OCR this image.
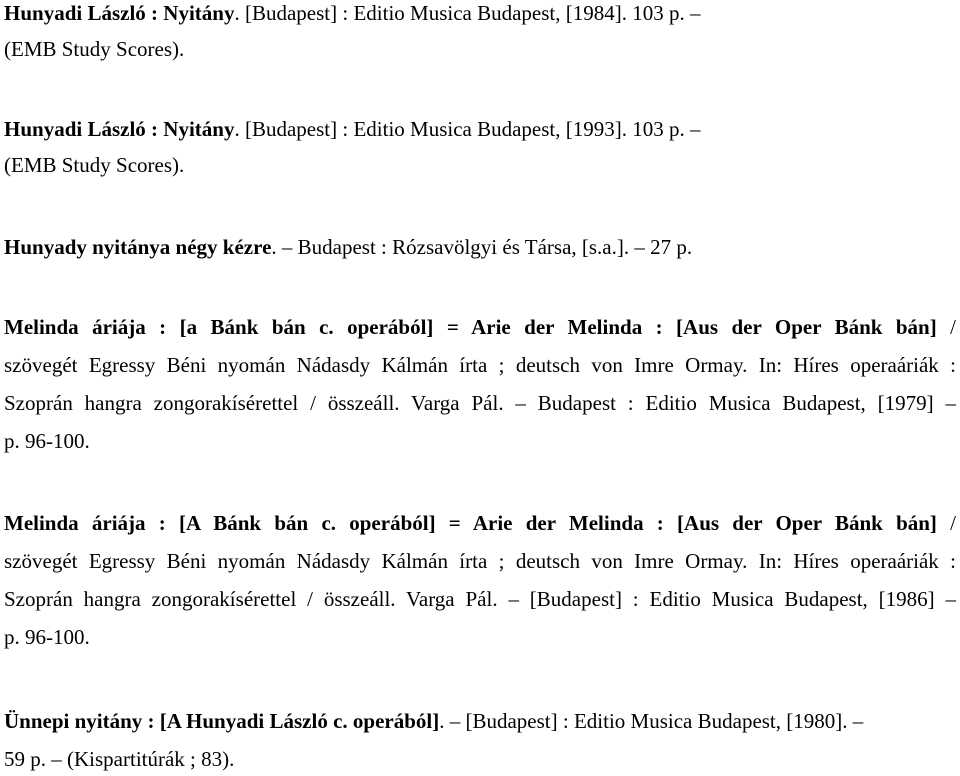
Hunyadi László : Nyitány. [Budapest] : Editio Musica Budapest, [1984]. 103 p. –
(EMB Study Scores).
Hunyadi László : Nyitány. [Budapest] : Editio Musica Budapest, [1993]. 103 p. –
(EMB Study Scores).
Hunyady nyitánya négy kézre. – Budapest : Rózsavölgyi és Társa, [s.a.]. – 27 p.
Melinda áriája : [a Bánk bán c. operából] = Arie der Melinda : [Aus der Oper Bánk bán] /
szövegét Egressy Béni nyomán Nádasdy Kálmán írta ; deutsch von Imre Ormay. In: Híres operaáriák :
Szoprán hangra zongorakísérettel / összeáll. Varga Pál. – Budapest : Editio Musica Budapest, [1979] –
p. 96-100.
Melinda áriája : [A Bánk bán c. operából] = Arie der Melinda : [Aus der Oper Bánk bán] /
szövegét Egressy Béni nyomán Nádasdy Kálmán írta ; deutsch von Imre Ormay. In: Híres operaáriák :
Szoprán hangra zongorakísérettel / összeáll. Varga Pál. – [Budapest] : Editio Musica Budapest, [1986] –
p. 96-100.
Ünnepi nyitány : [A Hunyadi László c. operából]. – [Budapest] : Editio Musica Budapest, [1980]. –
59 p. – (Kispartitúrák ; 83).
